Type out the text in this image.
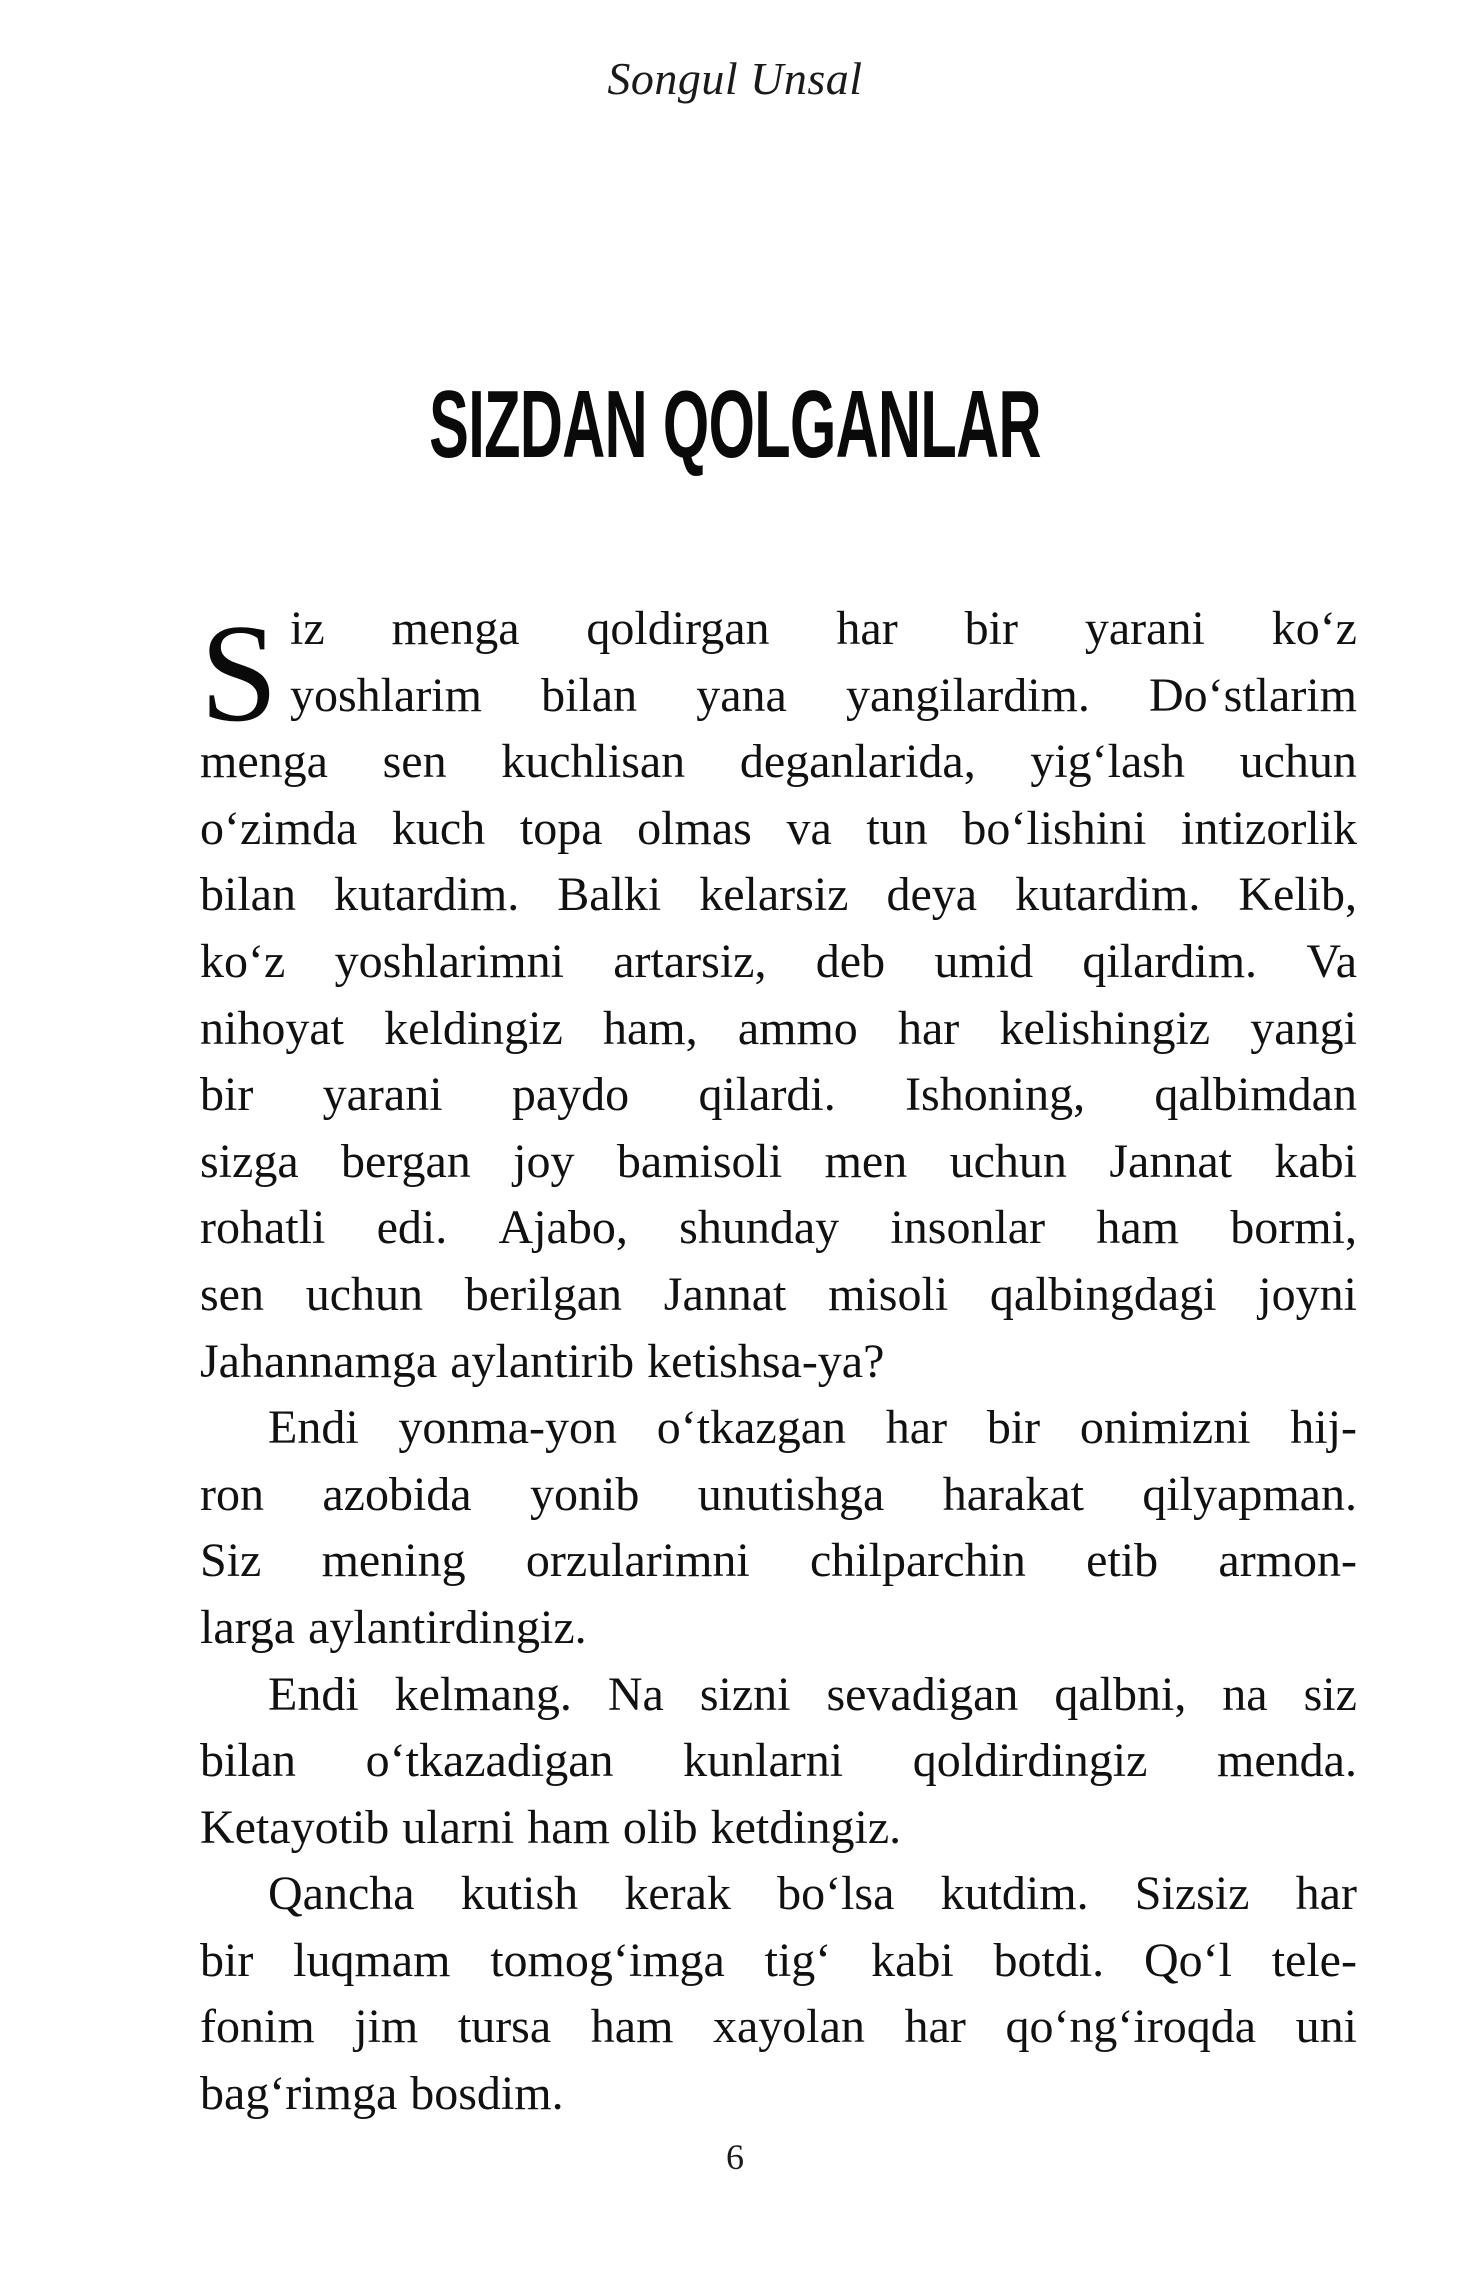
Songul Unsal
SIZDAN QOLGANLAR
S iz menga qoldirgan har bir yarani ko‘z
yoshlarim bilan yana yangilardim. Do‘stlarim
menga sen kuchlisan deganlarida, yig‘lash uchun
o‘zimda kuch topa olmas va tun bo‘lishini intizorlik
bilan kutardim. Balki kelarsiz deya kutardim. Kelib,
ko‘z yoshlarimni artarsiz, deb umid qilardim. Va
nihoyat keldingiz ham, ammo har kelishingiz yangi
bir yarani paydo qilardi. Ishoning, qalbimdan
sizga bergan joy bamisoli men uchun Jannat kabi
rohatli edi. Ajabo, shunday insonlar ham bormi,
sen uchun berilgan Jannat misoli qalbingdagi joyni
Jahannamga aylantirib ketishsa-ya?
Endi yonma-yon o‘tkazgan har bir onimizni hij-
ron azobida yonib unutishga harakat qilyapman.
Siz mening orzularimni chilparchin etib armon-
larga aylantirdingiz.
Endi kelmang. Na sizni sevadigan qalbni, na siz
bilan o‘tkazadigan kunlarni qoldirdingiz menda.
Ketayotib ularni ham olib ketdingiz.
Qancha kutish kerak bo‘lsa kutdim. Sizsiz har
bir luqmam tomog‘imga tig‘ kabi botdi. Qo‘l tele-
fonim jim tursa ham xayolan har qo‘ng‘iroqda uni
bag‘rimga bosdim.
6
